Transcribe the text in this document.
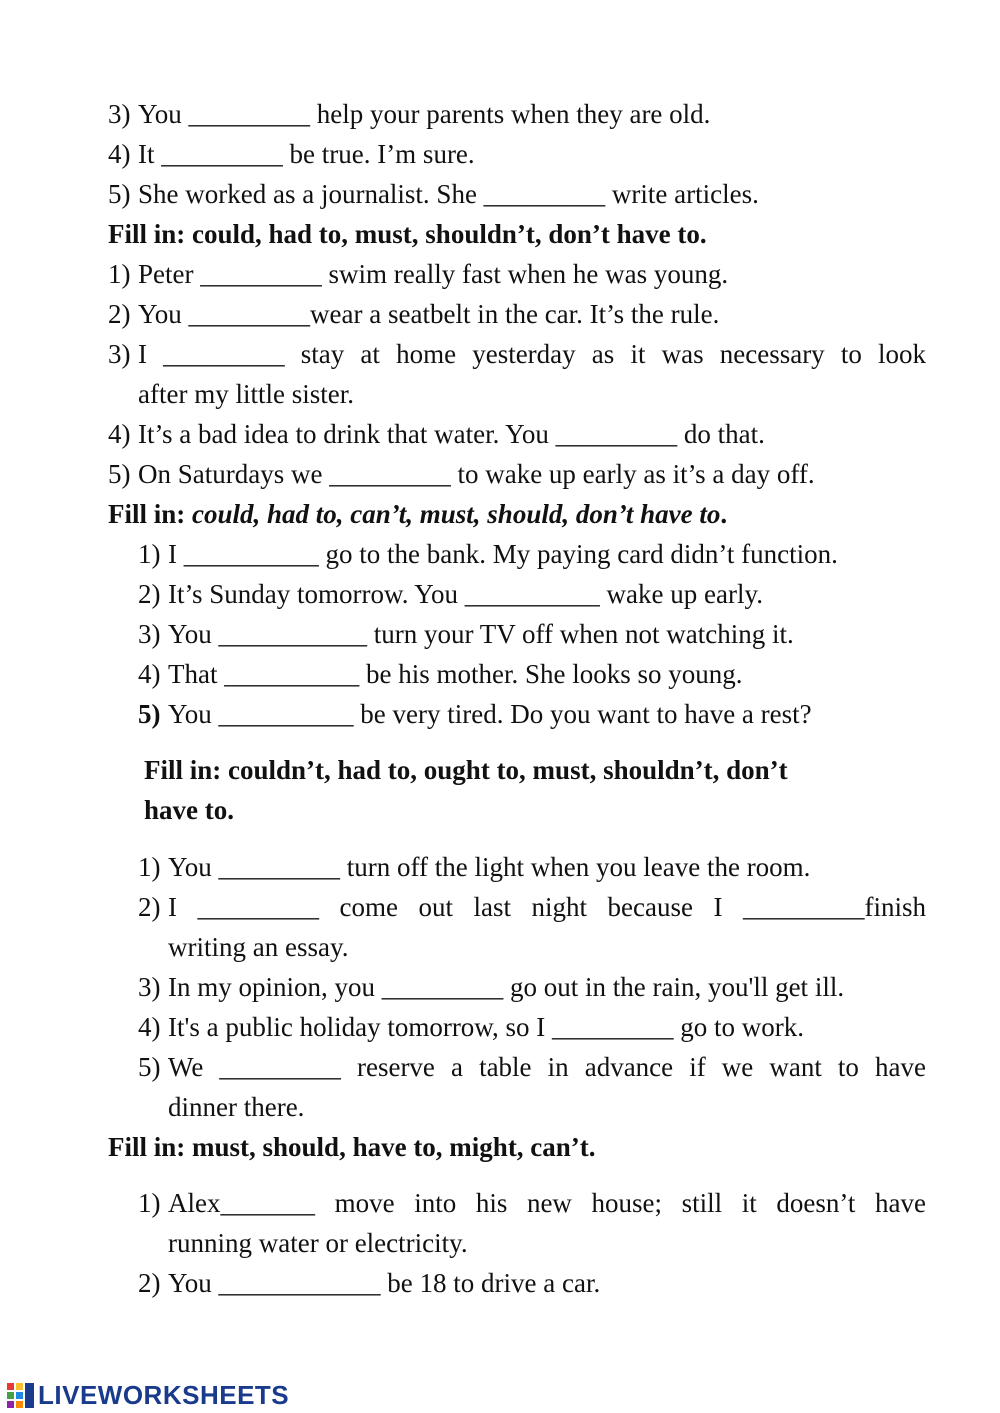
3) You _________ help your parents when they are old.
4) It _________ be true. I’m sure.
5) She worked as a journalist. She _________ write articles.
Fill in: could, had to, must, shouldn’t, don’t have to.
1) Peter _________ swim really fast when he was young.
2) You _________wear a seatbelt in the car. It’s the rule.
3) I _________ stay at home yesterday as it was necessary to look
after my little sister.
4) It’s a bad idea to drink that water. You _________ do that.
5) On Saturdays we _________ to wake up early as it’s a day off.
Fill in: could, had to, can’t, must, should, don’t have to.
1) I __________ go to the bank. My paying card didn’t function.
2) It’s Sunday tomorrow. You __________ wake up early.
3) You ___________ turn your TV off when not watching it.
4) That __________ be his mother. She looks so young.
5) You __________ be very tired. Do you want to have a rest?
Fill in: couldn’t, had to, ought to, must, shouldn’t, don’t
have to.
1) You _________ turn off the light when you leave the room.
2) I _________ come out last night because I _________finish
writing an essay.
3) In my opinion, you _________ go out in the rain, you'll get ill.
4) It's a public holiday tomorrow, so I _________ go to work.
5) We _________ reserve a table in advance if we want to have
dinner there.
Fill in: must, should, have to, might, can’t.
1) Alex_______ move into his new house; still it doesn’t have
running water or electricity.
2) You ____________ be 18 to drive a car.
LIVEWORKSHEETS
